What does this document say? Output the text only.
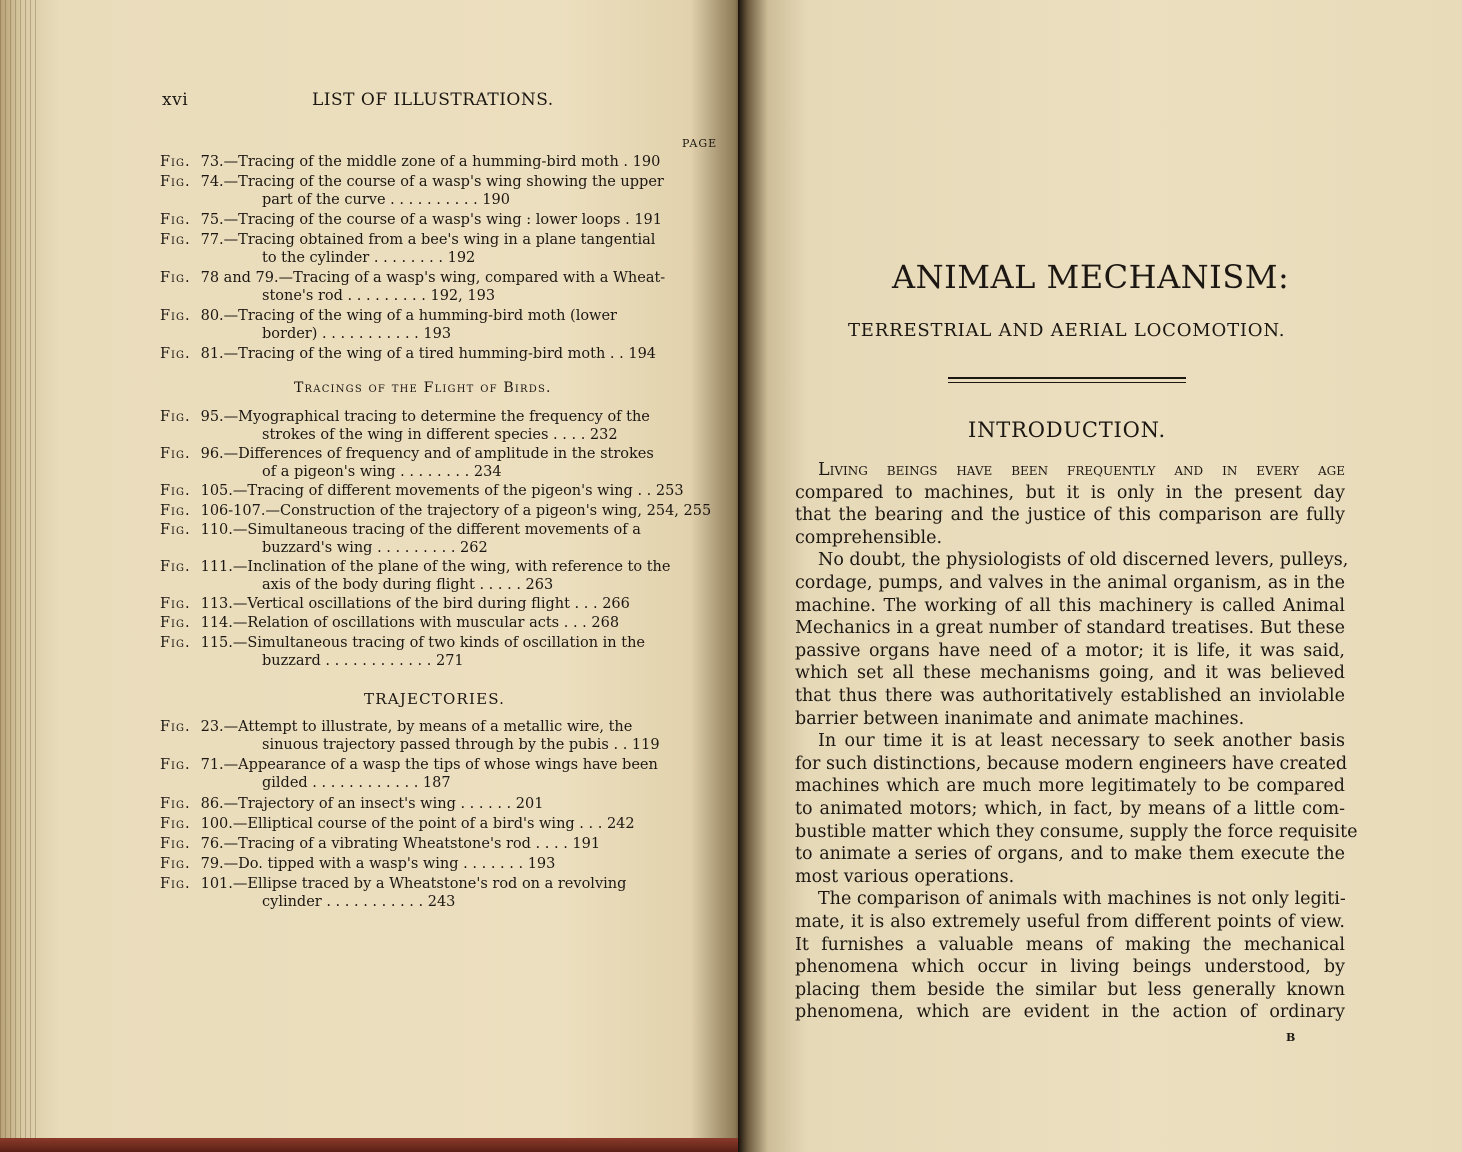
xvi	LIST OF ILLUSTRATIONS.
PAGE
Fig. 73.—Tracing of the middle zone of a humming-bird moth . 190
Fig. 74.—Tracing of the course of a wasp's wing showing the upper
part of the curve . . . . . . . . . . 190
Fig. 75.—Tracing of the course of a wasp's wing : lower loops . 191
Fig. 77.—Tracing obtained from a bee's wing in a plane tangential
to the cylinder . . . . . . . . 192
Fig. 78 and 79.—Tracing of a wasp's wing, compared with a Wheat-
stone's rod . . . . . . . . . 192, 193
Fig. 80.—Tracing of the wing of a humming-bird moth (lower
border) . . . . . . . . . . . 193
Fig. 81.—Tracing of the wing of a tired humming-bird moth . . 194
Tracings of the Flight of Birds.
Fig. 95.—Myographical tracing to determine the frequency of the
strokes of the wing in different species . . . . 232
Fig. 96.—Differences of frequency and of amplitude in the strokes
of a pigeon's wing . . . . . . . . 234
Fig. 105.—Tracing of different movements of the pigeon's wing . . 253
Fig. 106-107.—Construction of the trajectory of a pigeon's wing, 254, 255
Fig. 110.—Simultaneous tracing of the different movements of a
buzzard's wing . . . . . . . . . 262
Fig. 111.—Inclination of the plane of the wing, with reference to the
axis of the body during flight . . . . . 263
Fig. 113.—Vertical oscillations of the bird during flight . . . 266
Fig. 114.—Relation of oscillations with muscular acts . . . 268
Fig. 115.—Simultaneous tracing of two kinds of oscillation in the
buzzard . . . . . . . . . . . . 271
TRAJECTORIES.
Fig. 23.—Attempt to illustrate, by means of a metallic wire, the
sinuous trajectory passed through by the pubis . . 119
Fig. 71.—Appearance of a wasp the tips of whose wings have been
gilded . . . . . . . . . . . . 187
Fig. 86.—Trajectory of an insect's wing . . . . . . 201
Fig. 100.—Elliptical course of the point of a bird's wing . . . 242
Fig. 76.—Tracing of a vibrating Wheatstone's rod . . . . 191
Fig. 79.—Do. tipped with a wasp's wing . . . . . . . 193
Fig. 101.—Ellipse traced by a Wheatstone's rod on a revolving
cylinder . . . . . . . . . . . 243
ANIMAL MECHANISM:
TERRESTRIAL AND AERIAL LOCOMOTION.
INTRODUCTION.
Living beings have been frequently and in every age
compared to machines, but it is only in the present day
that the bearing and the justice of this comparison are fully
comprehensible.
No doubt, the physiologists of old discerned levers, pulleys,
cordage, pumps, and valves in the animal organism, as in the
machine. The working of all this machinery is called Animal
Mechanics in a great number of standard treatises. But these
passive organs have need of a motor; it is life, it was said,
which set all these mechanisms going, and it was believed
that thus there was authoritatively established an inviolable
barrier between inanimate and animate machines.
In our time it is at least necessary to seek another basis
for such distinctions, because modern engineers have created
machines which are much more legitimately to be compared
to animated motors; which, in fact, by means of a little com-
bustible matter which they consume, supply the force requisite
to animate a series of organs, and to make them execute the
most various operations.
The comparison of animals with machines is not only legiti-
mate, it is also extremely useful from different points of view.
It furnishes a valuable means of making the mechanical
phenomena which occur in living beings understood, by
placing them beside the similar but less generally known
phenomena, which are evident in the action of ordinary
B
